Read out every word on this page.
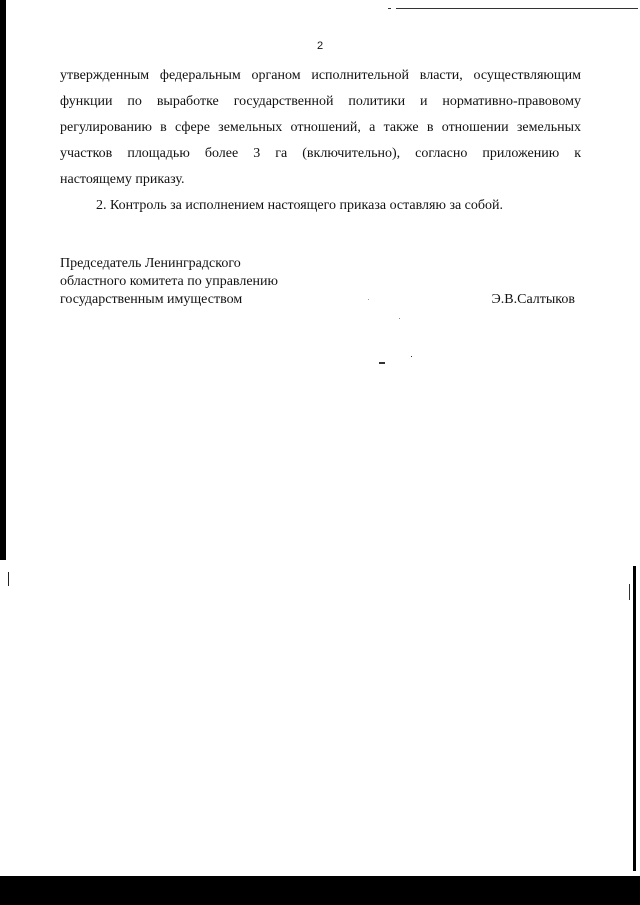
2

утвержденным федеральным органом исполнительной власти, осуществляющим
функции по выработке государственной политики и нормативно-правовому
регулированию в сфере земельных отношений, а также в отношении земельных
участков площадью более 3 га (включительно), согласно приложению к
настоящему приказу.

2. Контроль за исполнением настоящего приказа оставляю за собой.

Председатель Ленинградского
областного комитета по управлению
государственным имуществом	Э.В.Салтыков
